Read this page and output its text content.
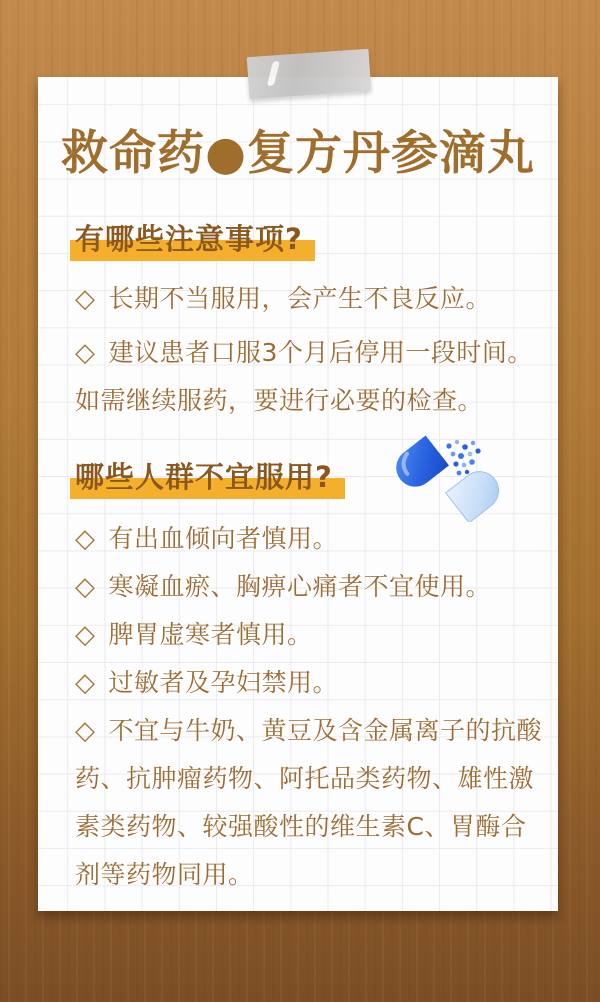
救命药●复方丹参滴丸
有哪些注意事项?

◇ 长期不当服用，会产生不良反应。

◇ 建议患者口服3个月后停用一段时间。如需继续服药，要进行必要的检查。

哪些人群不宜服用?

◇ 有出血倾向者慎用。

◇ 寒凝血瘀、胸痹心痛者不宜使用。

◇ 脾胃虚寒者慎用。

◇ 过敏者及孕妇禁用。

◇ 不宜与牛奶、黄豆及含金属离子的抗酸药、抗肿瘤药物、阿托品类药物、雄性激素类药物、较强酸性的维生素C、胃酶合剂等药物同用。
